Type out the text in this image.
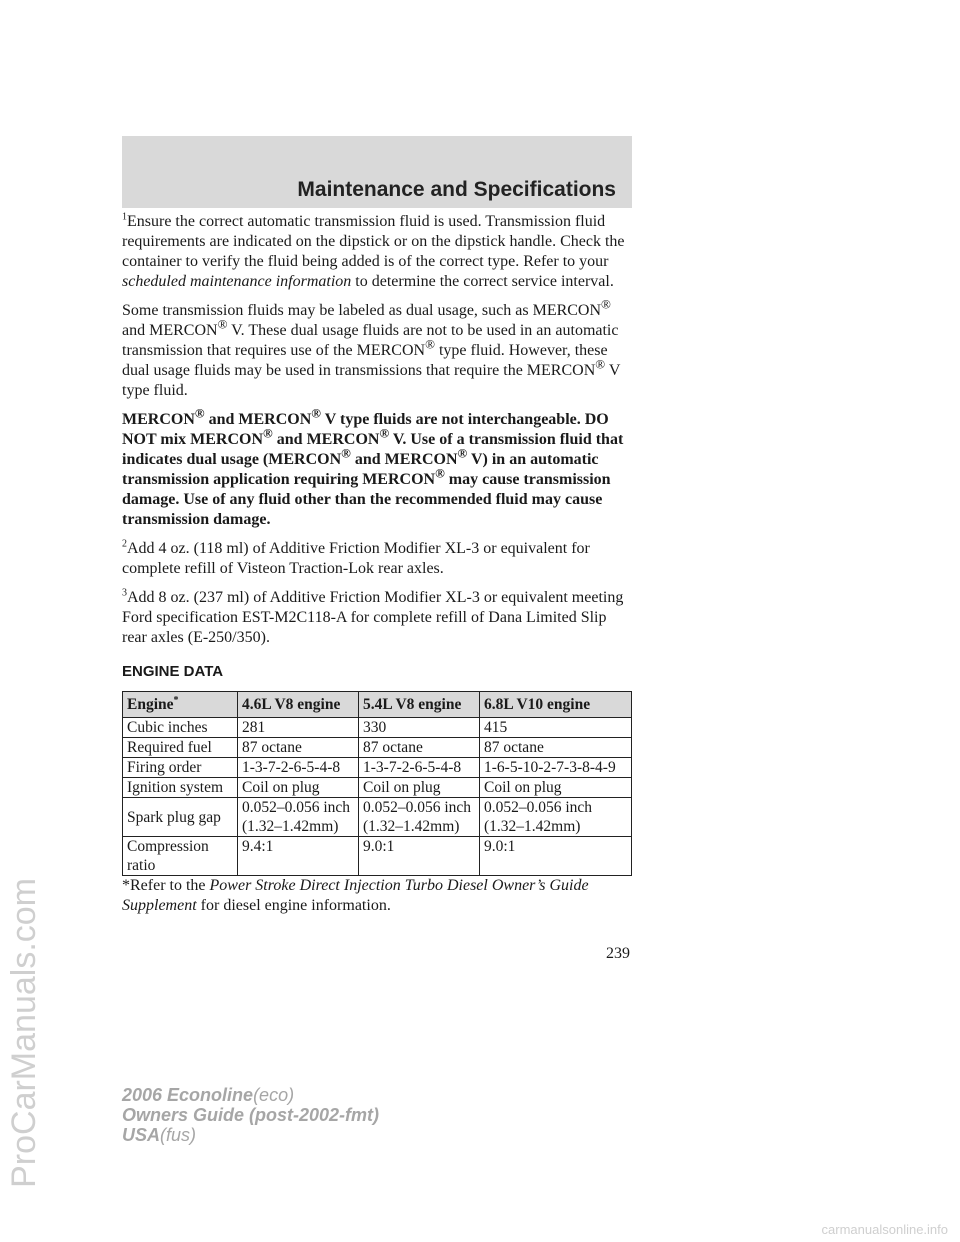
Maintenance and Specifications

$^1$Ensure the correct automatic transmission fluid is used. Transmission fluid requirements are indicated on the dipstick or on the dipstick handle. Check the container to verify the fluid being added is of the correct type. Refer to your scheduled maintenance information to determine the correct service interval.

Some transmission fluids may be labeled as dual usage, such as MERCON® and MERCON® V. These dual usage fluids are not to be used in an automatic transmission that requires use of the MERCON® type fluid. However, these dual usage fluids may be used in transmissions that require the MERCON® V type fluid.

MERCON® and MERCON® V type fluids are not interchangeable. DO NOT mix MERCON® and MERCON® V. Use of a transmission fluid that indicates dual usage (MERCON® and MERCON® V) in an automatic transmission application requiring MERCON® may cause transmission damage. Use of any fluid other than the recommended fluid may cause transmission damage.

$^2$Add 4 oz. (118 ml) of Additive Friction Modifier XL-3 or equivalent for complete refill of Visteon Traction-Lok rear axles.

$^3$Add 8 oz. (237 ml) of Additive Friction Modifier XL-3 or equivalent meeting Ford specification EST-M2C118-A for complete refill of Dana Limited Slip rear axles (E-250/350).

ENGINE DATA
Engine*	4.6L V8 engine	5.4L V8 engine	6.8L V10 engine
Cubic inches	281	330	415
Required fuel	87 octane	87 octane	87 octane
Firing order	1-3-7-2-6-5-4-8	1-3-7-2-6-5-4-8	1-6-5-10-2-7-3-8-4-9
Ignition system	Coil on plug	Coil on plug	Coil on plug
Spark plug gap	0.052–0.056 inch (1.32–1.42mm)	0.052–0.056 inch (1.32–1.42mm)	0.052–0.056 inch (1.32–1.42mm)
Compression ratio	9.4:1	9.0:1	9.0:1

*Refer to the Power Stroke Direct Injection Turbo Diesel Owner’s Guide Supplement for diesel engine information.

239
2006 Econoline(eco)
Owners Guide (post-2002-fmt)
USA(fus)
ProCarManuals.com
carmanualsonline.info
